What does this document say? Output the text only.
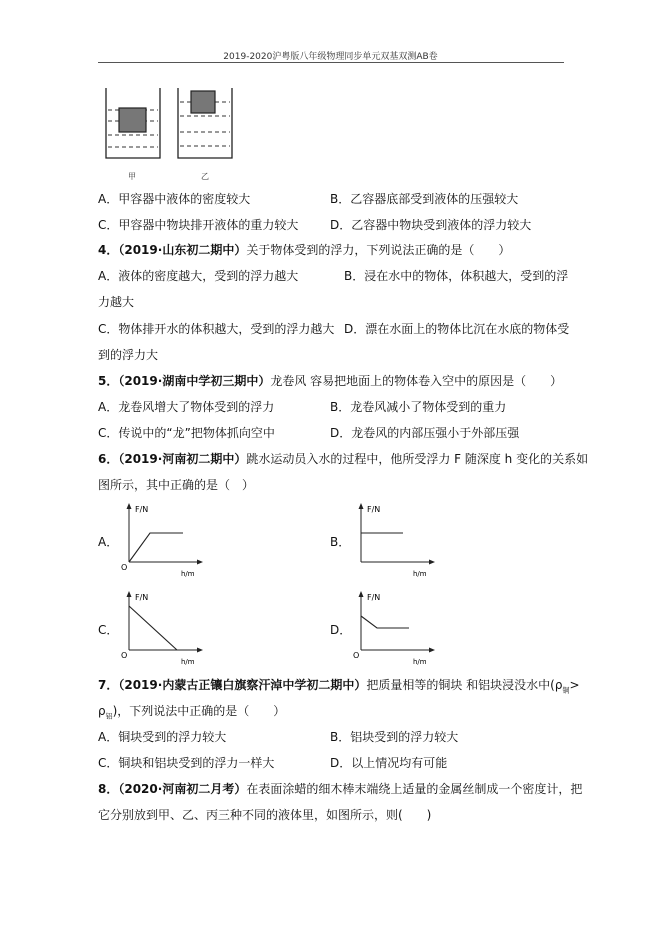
2019-2020沪粤版八年级物理同步单元双基双测AB卷
甲	乙
A．甲容器中液体的密度较大	B．乙容器底部受到液体的压强较大
C．甲容器中物块排开液体的重力较大	D．乙容器中物块受到液体的浮力较大
4．（2019·山东初二期中）关于物体受到的浮力，下列说法正确的是（　　）
A．液体的密度越大，受到的浮力越大	B．浸在水中的物体，体积越大，受到的浮
力越大
C．物体排开水的体积越大，受到的浮力越大 D．漂在水面上的物体比沉在水底的物体受
到的浮力大
5．（2019·湖南中学初三期中）龙卷风 容易把地面上的物体卷入空中的原因是（　　）
A．龙卷风增大了物体受到的浮力	B．龙卷风减小了物体受到的重力
C．传说中的“龙”把物体抓向空中	D．龙卷风的内部压强小于外部压强
6．（2019·河南初二期中）跳水运动员入水的过程中，他所受浮力 F 随深度 h 变化的关系如
图所示，其中正确的是（　）
A．
F/N
O
h/m
B．
F/N
h/m
C．
F/N
O
h/m
D．
F/N
O
h/m
7．（2019·内蒙古正镶白旗察汗淖中学初二期中）把质量相等的铜块 和铝块浸没水中($\rho_铜>$
$\rho_铝$)，下列说法中正确的是（　　）
A．铜块受到的浮力较大	B．铝块受到的浮力较大
C．铜块和铝块受到的浮力一样大	D．以上情况均有可能
8．（2020·河南初二月考）在表面涂蜡的细木棒末端绕上适量的金属丝制成一个密度计，把
它分别放到甲、乙、丙三种不同的液体里，如图所示，则(　　)
